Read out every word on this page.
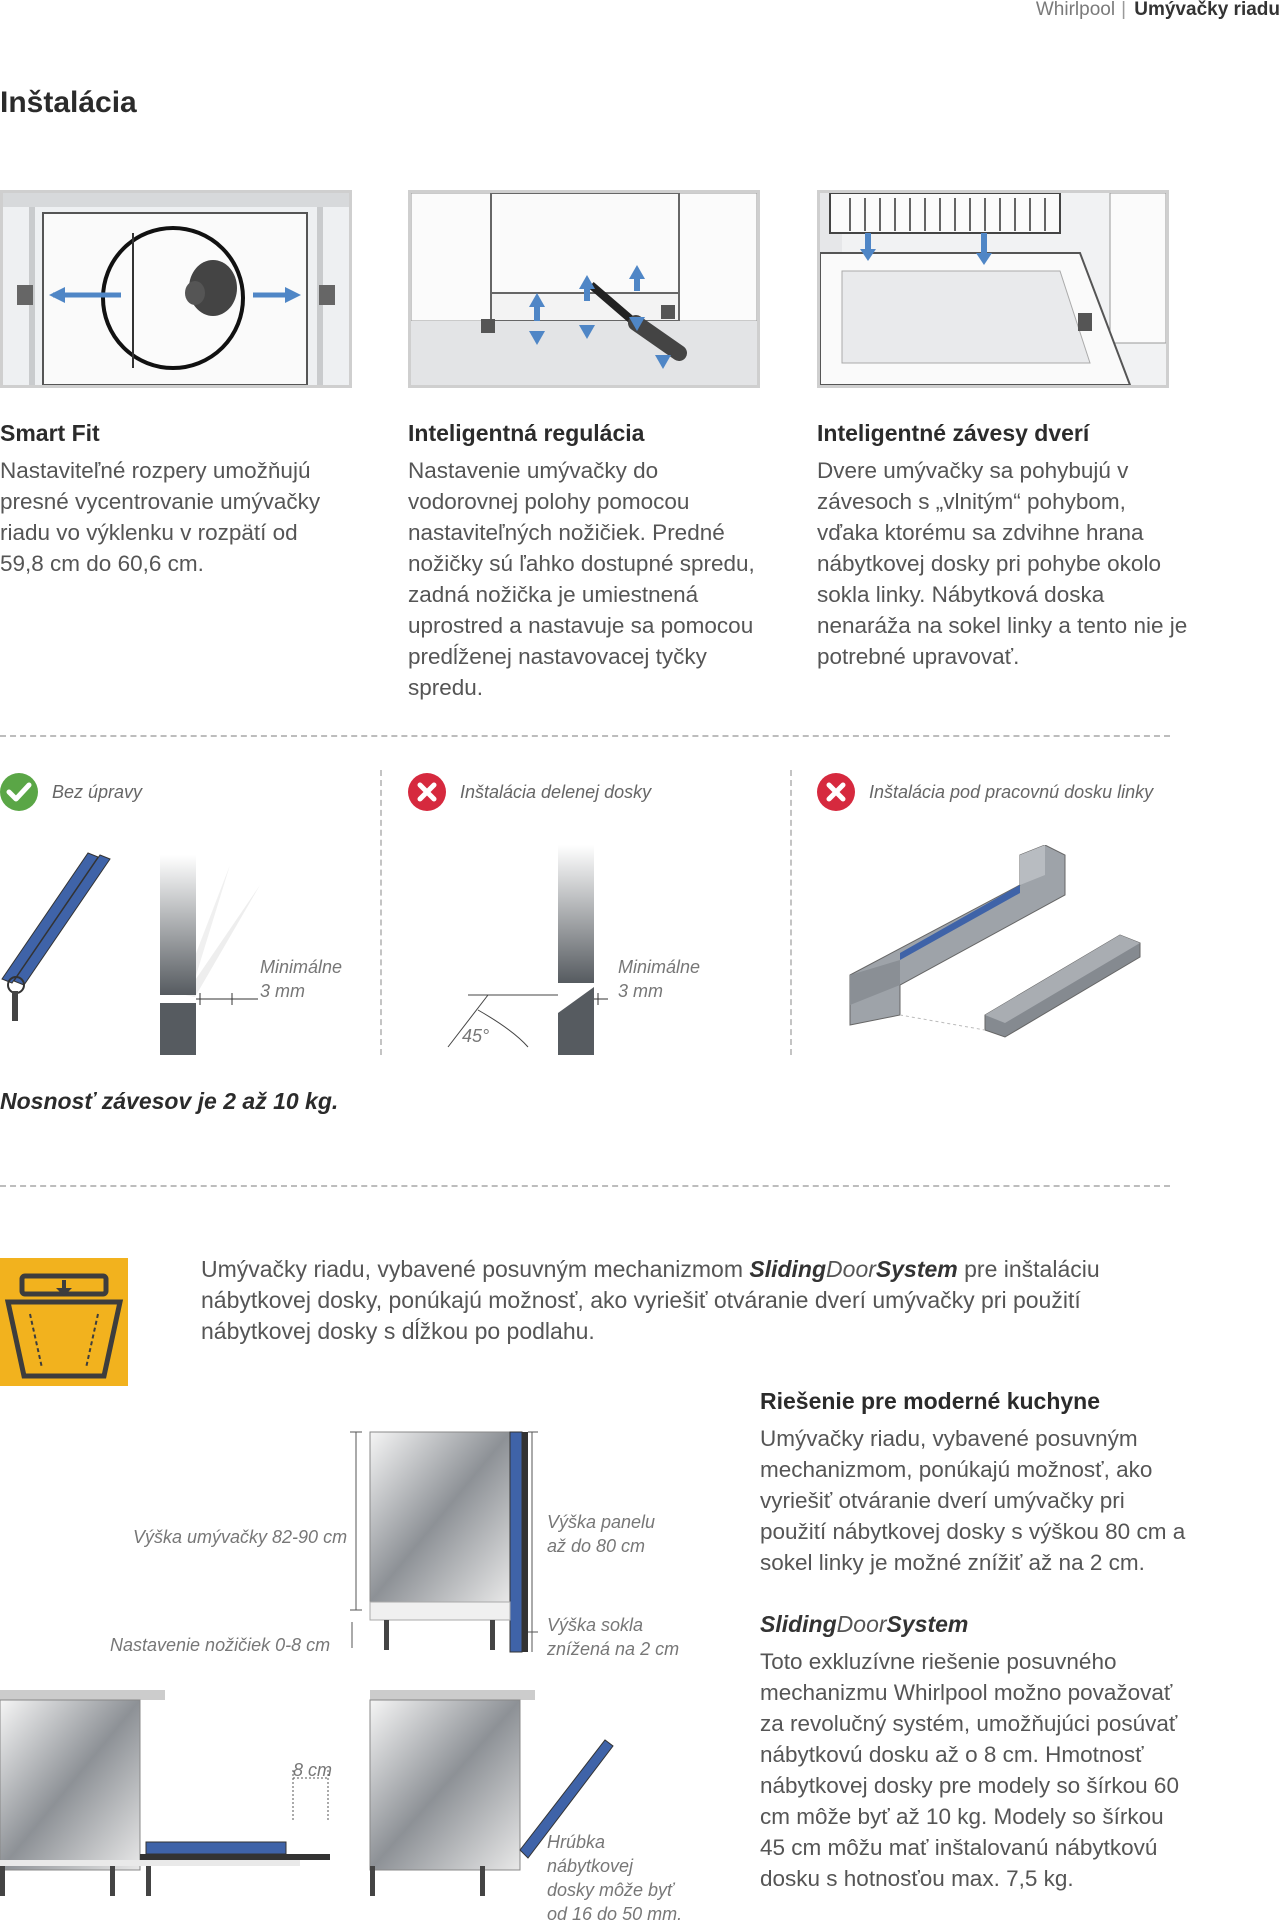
Whirlpool | Umývačky riadu
Inštalácia
Smart Fit
Nastaviteľné rozpery umožňujú presné vycentrovanie umývačky riadu vo výklenku v rozpätí od 59,8 cm do 60,6 cm.
Inteligentná regulácia
Nastavenie umývačky do vodorovnej polohy pomocou nastaviteľných nožičiek. Predné nožičky sú ľahko dostupné spredu, zadná nožička je umiestnená uprostred a nastavuje sa pomocou predĺženej nastavovacej tyčky spredu.
Inteligentné závesy dverí
Dvere umývačky sa pohybujú v závesoch s „vlnitým“ pohybom, vďaka ktorému sa zdvihne hrana nábytkovej dosky pri pohybe okolo sokla linky. Nábytková doska nenaráža na sokel linky a tento nie je potrebné upravovať.
Bez úpravy	Inštalácia delenej dosky	Inštalácia pod pracovnú dosku linky
Minimálne
3 mm
Minimálne
3 mm
45°
Nosnosť závesov je 2 až 10 kg.
Umývačky riadu, vybavené posuvným mechanizmom SlidingDoorSystem pre inštaláciu nábytkovej dosky, ponúkajú možnosť, ako vyriešiť otváranie dverí umývačky pri použití nábytkovej dosky s dĺžkou po podlahu.
Výška umývačky 82-90 cm
Nastavenie nožičiek 0-8 cm
Výška panelu
až do 80 cm
Výška sokla
znížená na 2 cm
8 cm
Hrúbka
nábytkovej
dosky môže byť
od 16 do 50 mm.
Riešenie pre moderné kuchyne
Umývačky riadu, vybavené posuvným mechanizmom, ponúkajú možnosť, ako vyriešiť otváranie dverí umývačky pri použití nábytkovej dosky s výškou 80 cm a sokel linky je možné znížiť až na 2 cm.
SlidingDoorSystem
Toto exkluzívne riešenie posuvného mechanizmu Whirlpool možno považovať za revolučný systém, umožňujúci posúvať nábytkovú dosku až o 8 cm. Hmotnosť nábytkovej dosky pre modely so šírkou 60 cm môže byť až 10 kg. Modely so šírkou 45 cm môžu mať inštalovanú nábytkovú dosku s hotnosťou max. 7,5 kg.
